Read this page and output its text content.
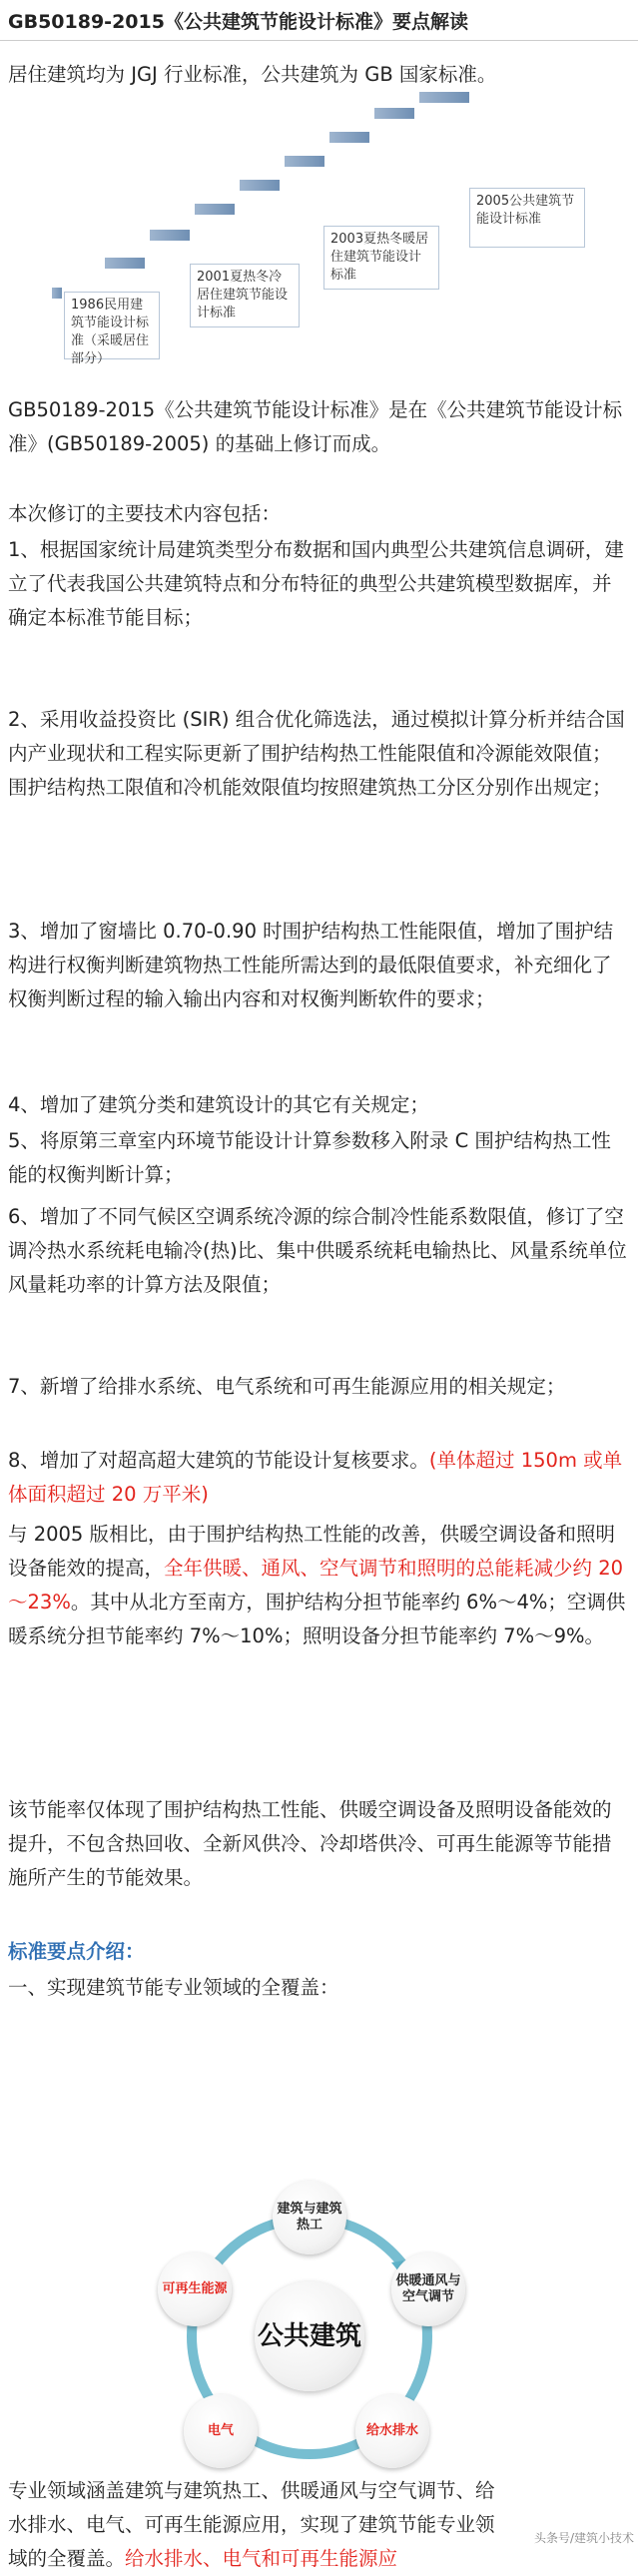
GB50189-2015《公共建筑节能设计标准》要点解读
居住建筑均为 JGJ 行业标准，公共建筑为 GB 国家标准。
1986民用建筑节能设计标准（采暖居住部分）
2001夏热冬冷居住建筑节能设计标准
2003夏热冬暖居住建筑节能设计标准
2005公共建筑节能设计标准
GB50189-2015《公共建筑节能设计标准》是在《公共建筑节能设计标准》(GB50189-2005) 的基础上修订而成。
本次修订的主要技术内容包括：
1、根据国家统计局建筑类型分布数据和国内典型公共建筑信息调研，建立了代表我国公共建筑特点和分布特征的典型公共建筑模型数据库，并确定本标准节能目标；
2、采用收益投资比 (SIR) 组合优化筛选法，通过模拟计算分析并结合国内产业现状和工程实际更新了围护结构热工性能限值和冷源能效限值；围护结构热工限值和冷机能效限值均按照建筑热工分区分别作出规定；
3、增加了窗墙比 0.70-0.90 时围护结构热工性能限值，增加了围护结构进行权衡判断建筑物热工性能所需达到的最低限值要求，补充细化了权衡判断过程的输入输出内容和对权衡判断软件的要求；
4、增加了建筑分类和建筑设计的其它有关规定；
5、将原第三章室内环境节能设计计算参数移入附录 C 围护结构热工性能的权衡判断计算；
6、增加了不同气候区空调系统冷源的综合制冷性能系数限值，修订了空调冷热水系统耗电输冷(热)比、集中供暖系统耗电输热比、风量系统单位风量耗功率的计算方法及限值；
7、新增了给排水系统、电气系统和可再生能源应用的相关规定；
8、增加了对超高超大建筑的节能设计复核要求。(单体超过 150m 或单体面积超过 20 万平米)
与 2005 版相比，由于围护结构热工性能的改善，供暖空调设备和照明设备能效的提高，全年供暖、通风、空气调节和照明的总能耗减少约 20～23%。其中从北方至南方，围护结构分担节能率约 6%～4%；空调供暖系统分担节能率约 7%～10%；照明设备分担节能率约 7%～9%。
该节能率仅体现了围护结构热工性能、供暖空调设备及照明设备能效的提升，不包含热回收、全新风供冷、冷却塔供冷、可再生能源等节能措施所产生的节能效果。
标准要点介绍：
一、实现建筑节能专业领域的全覆盖：
公共建筑
建筑与建筑热工
供暖通风与空气调节
给水排水
电气
可再生能源
专业领域涵盖建筑与建筑热工、供暖通风与空气调节、给水排水、电气、可再生能源应用，实现了建筑节能专业领域的全覆盖。给水排水、电气和可再生能源应
头条号/建筑小技术
